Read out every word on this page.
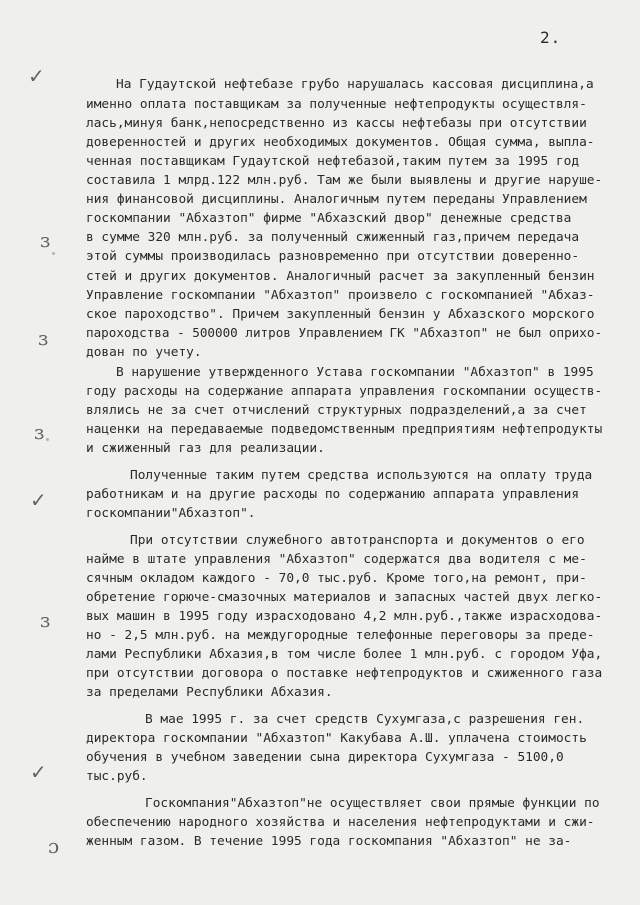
2.
На Гудаутской нефтебазе грубо нарушалась кассовая дисциплина,а
именно оплата поставщикам за полученные нефтепродукты осуществля-
лась,минуя банк,непосредственно из кассы нефтебазы при отсутствии
доверенностей и других необходимых документов. Общая сумма, выпла-
ченная поставщикам Гудаутской нефтебазой,таким путем за 1995 год
составила 1 млрд.122 млн.руб. Там же были выявлены и другие наруше-
ния финансовой дисциплины. Аналогичным путем переданы Управлением
госкомпании "Абхазтоп" фирме "Абхазский двор" денежные средства
в сумме 320 млн.руб. за полученный сжиженный газ,причем передача
этой суммы производилась разновременно при отсутствии доверенно-
стей и других документов. Аналогичный расчет за закупленный бензин
Управление госкомпании "Абхазтоп" произвело с госкомпанией "Абхаз-
ское пароходство". Причем закупленный бензин у Абхазского морского
пароходства - 500000 литров Управлением ГК "Абхазтоп" не был оприхо-
дован по учету.
В нарушение утвержденного Устава госкомпании "Абхазтоп" в 1995
году расходы на содержание аппарата управления госкомпании осуществ-
влялись не за счет отчислений структурных подразделений,а за счет
наценки на передаваемые подведомственным предприятиям нефтепродукты
и сжиженный газ для реализации.
Полученные таким путем средства используются на оплату труда
работникам и на другие расходы по содержанию аппарата управления
госкомпании"Абхазтоп".
При отсутствии служебного автотранспорта и документов о его
найме в штате управления "Абхазтоп" содержатся два водителя с ме-
сячным окладом каждого - 70,0 тыс.руб. Кроме того,на ремонт, при-
обретение горюче-смазочных материалов и запасных частей двух легко-
вых машин в 1995 году израсходовано 4,2 млн.руб.,также израсходова-
но - 2,5 млн.руб. на междугородные телефонные переговоры за преде-
лами Республики Абхазия,в том числе более 1 млн.руб. с городом Уфа,
при отсутствии договора о поставке нефтепродуктов и сжиженного газа
за пределами Республики Абхазия.
В мае 1995 г. за счет средств Сухумгаза,с разрешения ген.
директора госкомпании "Абхазтоп" Какубава А.Ш. уплачена стоимость
обучения в учебном заведении сына директора Сухумгаза - 5100,0
тыс.руб.
Госкомпания"Абхазтоп"не осуществляет свои прямые функции по
обеспечению народного хозяйства и населения нефтепродуктами и сжи-
женным газом. В течение 1995 года госкомпания "Абхазтоп" не за-
✓
ɜ
ɜ
ɜ
✓
ɜ
✓
ɔ
